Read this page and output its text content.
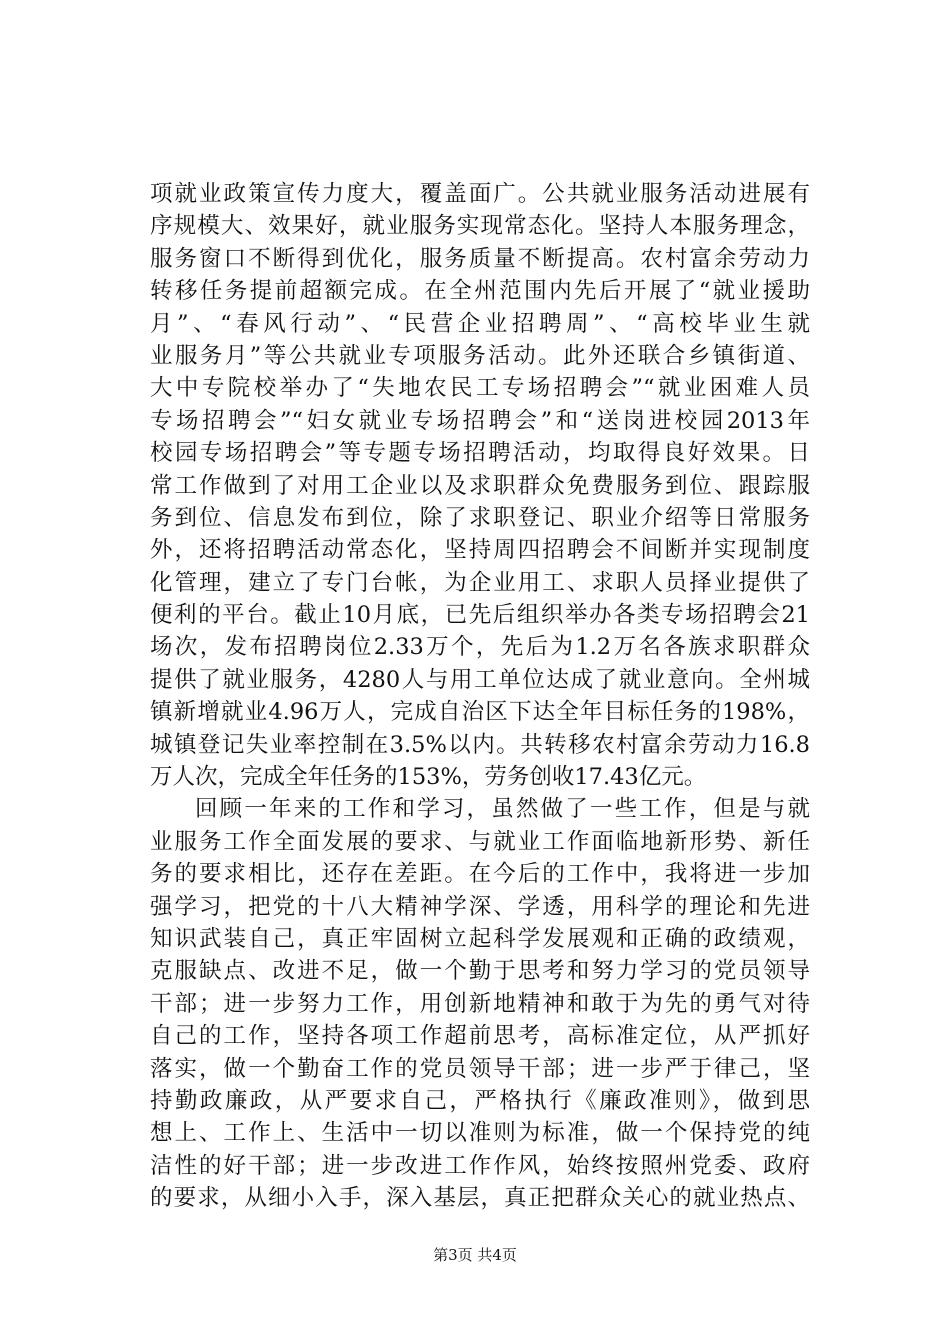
项就业政策宣传力度大，覆盖面广。公共就业服务活动进展有
序规模大、效果好，就业服务实现常态化。坚持人本服务理念，
服务窗口不断得到优化，服务质量不断提高。农村富余劳动力
转移任务提前超额完成。在全州范围内先后开展了“就业援助
月”、“春风行动”、“民营企业招聘周”、“高校毕业生就
业服务月”等公共就业专项服务活动。此外还联合乡镇街道、
大中专院校举办了“失地农民工专场招聘会”“就业困难人员
专场招聘会”“妇女就业专场招聘会”和“送岗进校园2013年
校园专场招聘会”等专题专场招聘活动，均取得良好效果。日
常工作做到了对用工企业以及求职群众免费服务到位、跟踪服
务到位、信息发布到位，除了求职登记、职业介绍等日常服务
外，还将招聘活动常态化，坚持周四招聘会不间断并实现制度
化管理，建立了专门台帐，为企业用工、求职人员择业提供了
便利的平台。截止10月底，已先后组织举办各类专场招聘会21
场次，发布招聘岗位2.33万个，先后为1.2万名各族求职群众
提供了就业服务，4280人与用工单位达成了就业意向。全州城
镇新增就业4.96万人，完成自治区下达全年目标任务的198%，
城镇登记失业率控制在3.5%以内。共转移农村富余劳动力16.8
万人次，完成全年任务的153%，劳务创收17.43亿元。
回顾一年来的工作和学习，虽然做了一些工作，但是与就
业服务工作全面发展的要求、与就业工作面临地新形势、新任
务的要求相比，还存在差距。在今后的工作中，我将进一步加
强学习，把党的十八大精神学深、学透，用科学的理论和先进
知识武装自己，真正牢固树立起科学发展观和正确的政绩观，
克服缺点、改进不足，做一个勤于思考和努力学习的党员领导
干部；进一步努力工作，用创新地精神和敢于为先的勇气对待
自己的工作，坚持各项工作超前思考，高标准定位，从严抓好
落实，做一个勤奋工作的党员领导干部；进一步严于律己，坚
持勤政廉政，从严要求自己，严格执行《廉政准则》，做到思
想上、工作上、生活中一切以准则为标准，做一个保持党的纯
洁性的好干部；进一步改进工作作风，始终按照州党委、政府
的要求，从细小入手，深入基层，真正把群众关心的就业热点、
第3页 共4页
